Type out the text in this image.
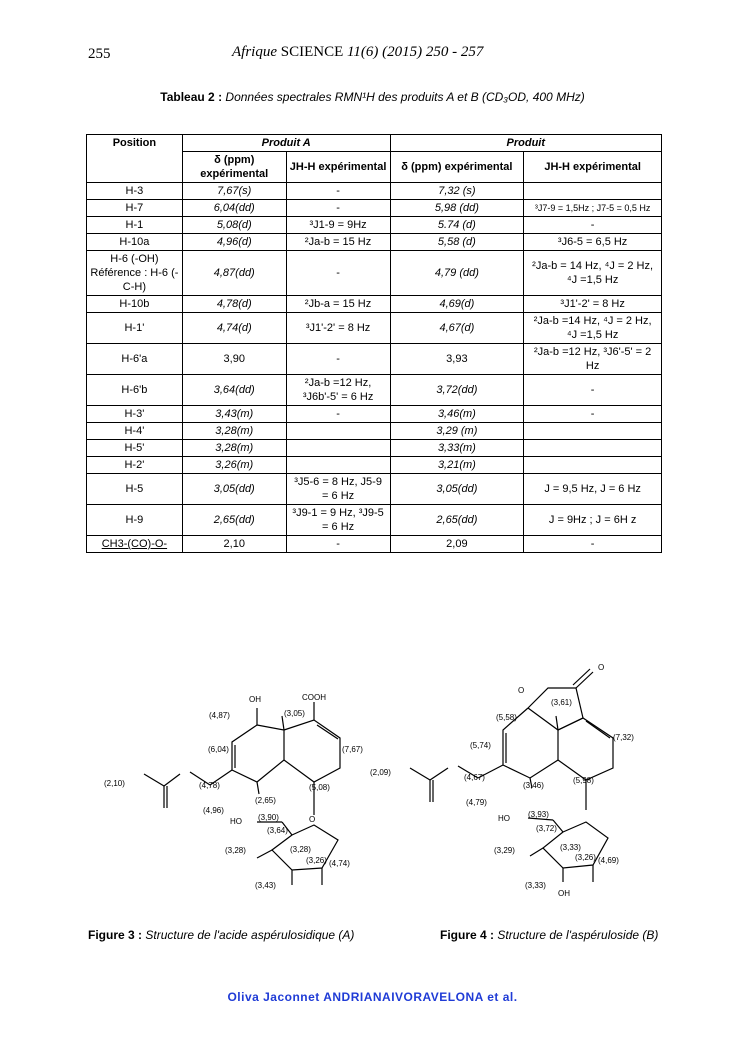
255	Afrique SCIENCE 11(6) (2015) 250 - 257
Tableau 2 : Données spectrales RMN¹H des produits A et B (CD₃OD, 400 MHz)
Position	Produit A		Produit	
	δ (ppm) expérimental	JH-H expérimental	δ (ppm) expérimental	JH-H expérimental
H-3	7,67(s)	-	7,32 (s)	
H-7	6,04(dd)	-	5,98 (dd)	³J7-9 = 1,5Hz ; J7-5 = 0,5 Hz
H-1	5,08(d)	³J1-9 = 9Hz	5.74 (d)	-
H-10a	4,96(d)	²Ja-b = 15 Hz	5,58 (d)	³J6-5 = 6,5 Hz
H-6 (-OH) Référence : H-6 (-C-H)	4,87(dd)	-	4,79 (dd)	²Ja-b = 14 Hz, ⁴J = 2 Hz, ⁴J =1,5 Hz
H-10b	4,78(d)	²Jb-a = 15 Hz	4,69(d)	³J1'-2' = 8 Hz
H-1'	4,74(d)	³J1'-2' = 8 Hz	4,67(d)	²Ja-b =14 Hz, ⁴J = 2 Hz, ⁴J =1,5 Hz
H-6'a	3,90	-	3,93	²Ja-b =12 Hz, ³J6'-5' = 2 Hz
H-6'b	3,64(dd)	²Ja-b =12 Hz, ³J6b'-5' = 6 Hz	3,72(dd)	-
H-3'	3,43(m)	-	3,46(m)	-
H-4'	3,28(m)		3,29 (m)	
H-5'	3,28(m)		3,33(m)	
H-2'	3,26(m)		3,21(m)	
H-5	3,05(dd)	³J5-6 = 8 Hz, J5-9 = 6 Hz	3,05(dd)	J = 9,5 Hz, J = 6 Hz
H-9	2,65(dd)	³J9-1 = 9 Hz, ³J9-5 = 6 Hz	2,65(dd)	J = 9Hz ; J = 6H z
CH3-(CO)-O-	2,10	-	2,09	-
(4,87)
OH
(3,05)
COOH
(7,67)
(6,04)
(4,78)
(4,96)
(2,10)
(2,65)
(5,08)
(3,90)
(3,64)
(3,28)
(3,28)
(3,26) (4,74)
(3,43)
HO	O
O
O
(3,61)
(5,58)
(5,74)
(7,32)
(2,09)
(4,67)
(4,79)
(3,46)
(5,98)
(3,93)
(3,72)
(3,33)
(3,29)
(3,26) (4,69)
(3,33)
HO
OH
Figure 3 : Structure de l'acide aspérulosidique (A)	Figure 4 : Structure de l'aspéruloside (B)
Oliva Jaconnet ANDRIANAIVORAVELONA et al.
